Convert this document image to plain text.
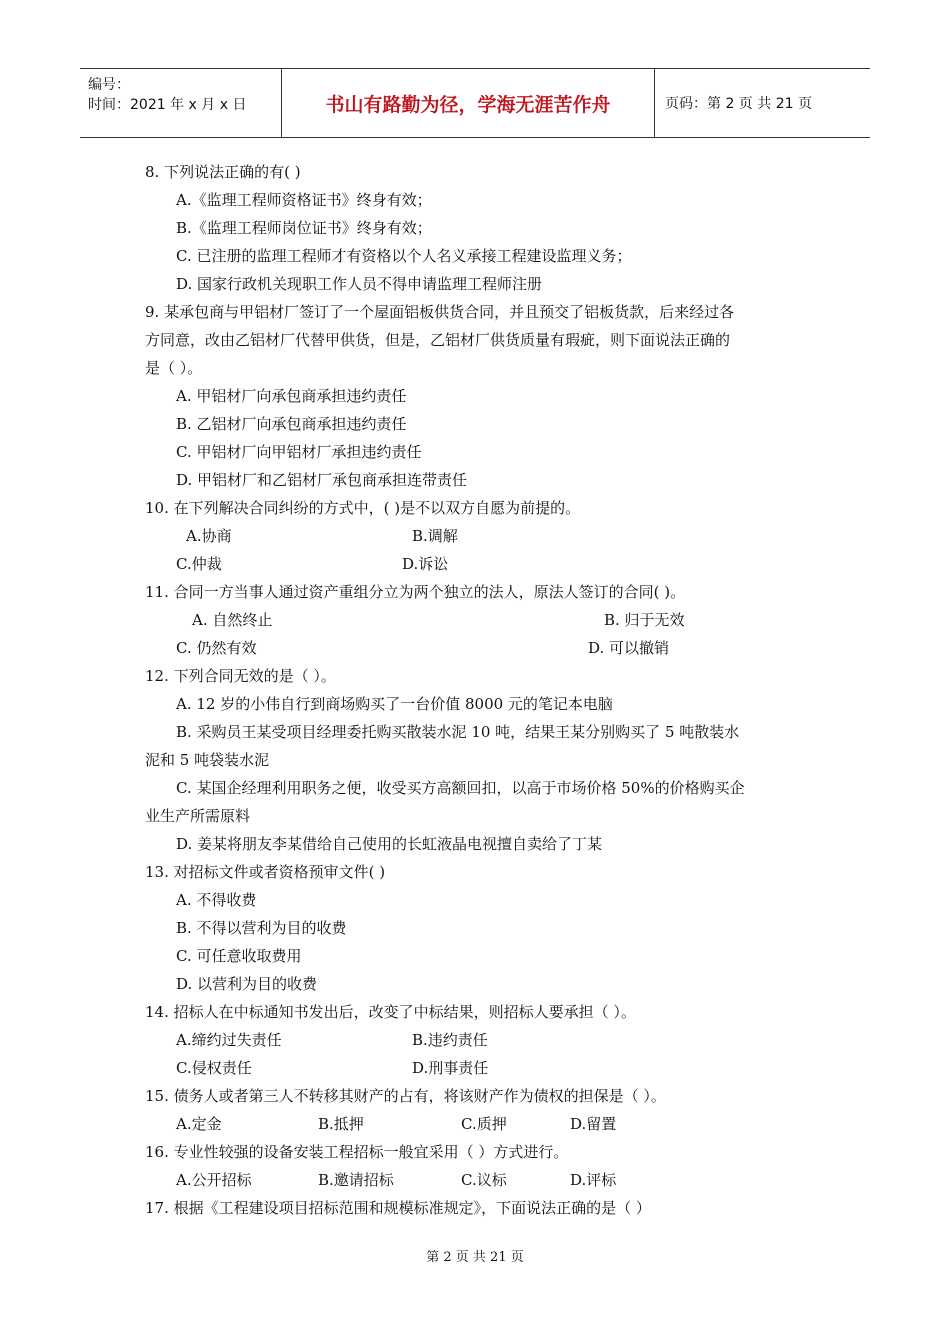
编号：
时间：2021 年 x 月 x 日	书山有路勤为径，学海无涯苦作舟	页码：第 2 页 共 21 页
8. 下列说法正确的有( )
A.《监理工程师资格证书》终身有效；
B.《监理工程师岗位证书》终身有效；
C. 已注册的监理工程师才有资格以个人名义承接工程建设监理义务；
D. 国家行政机关现职工作人员不得申请监理工程师注册
9. 某承包商与甲铝材厂签订了一个屋面铝板供货合同，并且预交了铝板货款，后来经过各
方同意，改由乙铝材厂代替甲供货，但是，乙铝材厂供货质量有瑕疵，则下面说法正确的
是（ ）。
A. 甲铝材厂向承包商承担违约责任
B. 乙铝材厂向承包商承担违约责任
C. 甲铝材厂向甲铝材厂承担违约责任
D. 甲铝材厂和乙铝材厂承包商承担连带责任
10. 在下列解决合同纠纷的方式中，( )是不以双方自愿为前提的。
A.协商	B.调解
C.仲裁	D.诉讼
11. 合同一方当事人通过资产重组分立为两个独立的法人，原法人签订的合同( )。
A. 自然终止	B. 归于无效
C. 仍然有效	D. 可以撤销
12. 下列合同无效的是（ ）。
A. 12 岁的小伟自行到商场购买了一台价值 8000 元的笔记本电脑
B. 采购员王某受项目经理委托购买散装水泥 10 吨，结果王某分别购买了 5 吨散装水
泥和 5 吨袋装水泥
C. 某国企经理利用职务之便，收受买方高额回扣，以高于市场价格 50%的价格购买企
业生产所需原料
D. 姜某将朋友李某借给自己使用的长虹液晶电视擅自卖给了丁某
13. 对招标文件或者资格预审文件( )
A. 不得收费
B. 不得以营利为目的收费
C. 可任意收取费用
D. 以营利为目的收费
14. 招标人在中标通知书发出后，改变了中标结果，则招标人要承担（ ）。
A.缔约过失责任	B.违约责任
C.侵权责任	D.刑事责任
15. 债务人或者第三人不转移其财产的占有，将该财产作为债权的担保是（ ）。
A.定金	B.抵押	C.质押	D.留置
16. 专业性较强的设备安装工程招标一般宜采用（ ）方式进行。
A.公开招标	B.邀请招标	C.议标	D.评标
17. 根据《工程建设项目招标范围和规模标准规定》，下面说法正确的是（ ）
第 2 页 共 21 页
